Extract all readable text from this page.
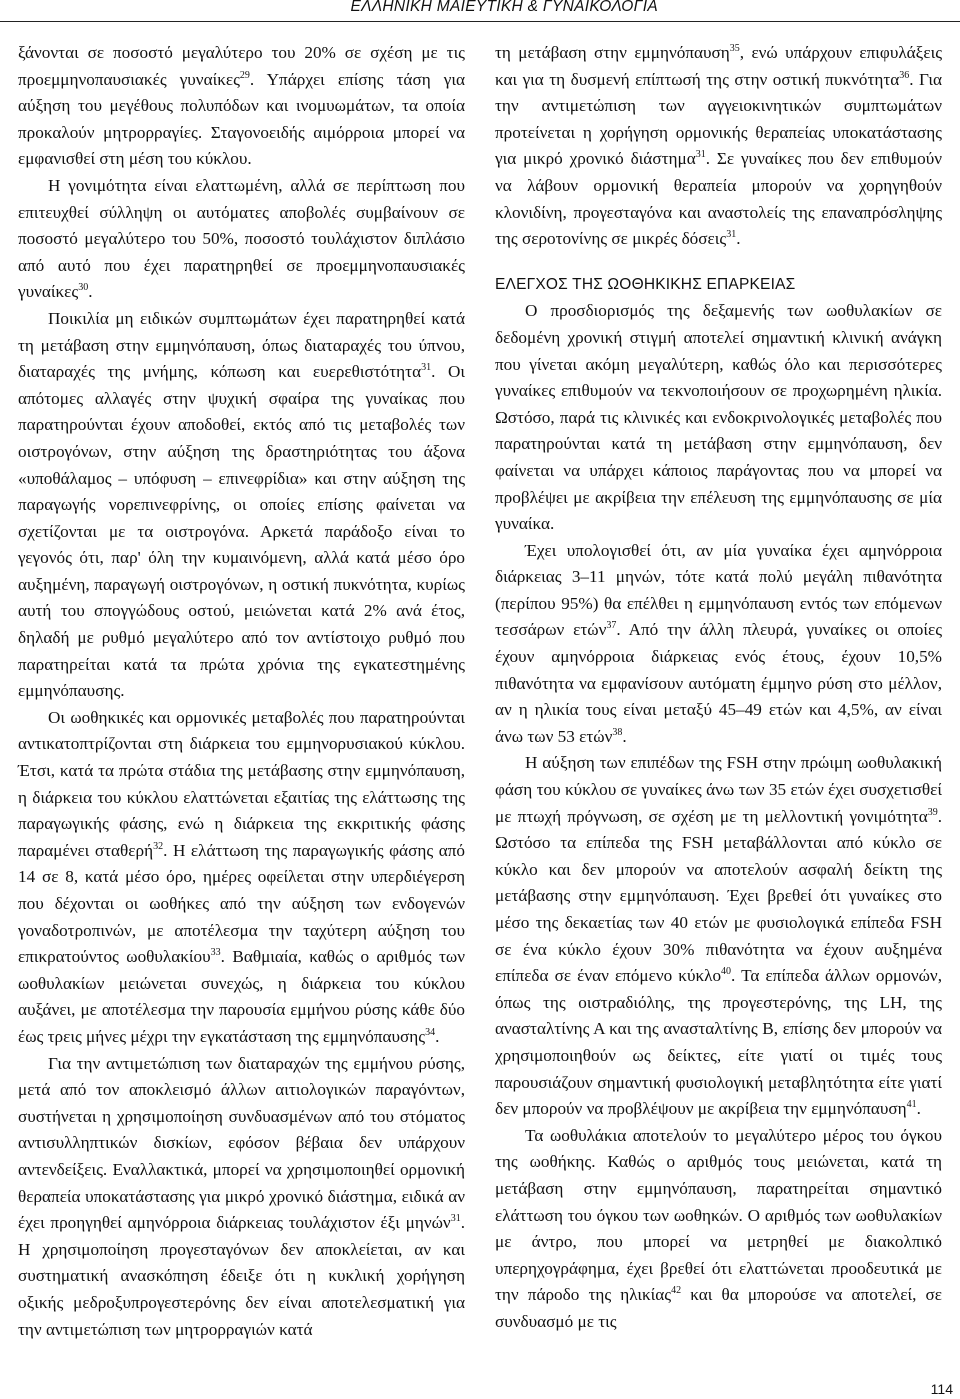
ΕΛΛΗΝΙΚΗ ΜΑΙΕΥΤΙΚΗ & ΓΥΝΑΙΚΟΛΟΓΙΑ

ξάνονται σε ποσοστό μεγαλύτερο του 20% σε σχέση με τις προεμμηνοπαυσιακές γυναίκες$^{29}$. Υπάρχει επίσης τάση για αύξηση του μεγέθους πολυπόδων και ινομυωμάτων, τα οποία προκαλούν μητρορραγίες. Σταγονοειδής αιμόρροια μπορεί να εμφανισθεί στη μέση του κύκλου.

Η γονιμότητα είναι ελαττωμένη, αλλά σε περίπτωση που επιτευχθεί σύλληψη οι αυτόματες αποβολές συμβαίνουν σε ποσοστό μεγαλύτερο του 50%, ποσοστό τουλάχιστον διπλάσιο από αυτό που έχει παρατηρηθεί σε προεμμηνοπαυσιακές γυναίκες$^{30}$.

Ποικιλία μη ειδικών συμπτωμάτων έχει παρατηρηθεί κατά τη μετάβαση στην εμμηνόπαυση, όπως διαταραχές του ύπνου, διαταραχές της μνήμης, κόπωση και ευερεθιστότητα$^{31}$. Οι απότομες αλλαγές στην ψυχική σφαίρα της γυναίκας που παρατηρούνται έχουν αποδοθεί, εκτός από τις μεταβολές των οιστρογόνων, στην αύξηση της δραστηριότητας του άξονα «υποθάλαμος – υπόφυση – επινεφρίδια» και στην αύξηση της παραγωγής νορεπινεφρίνης, οι οποίες επίσης φαίνεται να σχετίζονται με τα οιστρογόνα. Αρκετά παράδοξο είναι το γεγονός ότι, παρ' όλη την κυμαινόμενη, αλλά κατά μέσο όρο αυξημένη, παραγωγή οιστρογόνων, η οστική πυκνότητα, κυρίως αυτή του σπογγώδους οστού, μειώνεται κατά 2% ανά έτος, δηλαδή με ρυθμό μεγαλύτερο από τον αντίστοιχο ρυθμό που παρατηρείται κατά τα πρώτα χρόνια της εγκατεστημένης εμμηνόπαυσης.

Οι ωοθηκικές και ορμονικές μεταβολές που παρατηρούνται αντικατοπτρίζονται στη διάρκεια του εμμηνορυσιακού κύκλου. Έτσι, κατά τα πρώτα στάδια της μετάβασης στην εμμηνόπαυση, η διάρκεια του κύκλου ελαττώνεται εξαιτίας της ελάττωσης της παραγωγικής φάσης, ενώ η διάρκεια της εκκριτικής φάσης παραμένει σταθερή$^{32}$. Η ελάττωση της παραγωγικής φάσης από 14 σε 8, κατά μέσο όρο, ημέρες οφείλεται στην υπερδιέγερση που δέχονται οι ωοθήκες από την αύξηση των ενδογενών γοναδοτροπινών, με αποτέλεσμα την ταχύτερη αύξηση του επικρατούντος ωοθυλακίου$^{33}$. Βαθμιαία, καθώς ο αριθμός των ωοθυλακίων μειώνεται συνεχώς, η διάρκεια του κύκλου αυξάνει, με αποτέλεσμα την παρουσία εμμήνου ρύσης κάθε δύο έως τρεις μήνες μέχρι την εγκατάσταση της εμμηνόπαυσης$^{34}$.

Για την αντιμετώπιση των διαταραχών της εμμήνου ρύσης, μετά από τον αποκλεισμό άλλων αιτιολογικών παραγόντων, συστήνεται η χρησιμοποίηση συνδυασμένων από του στόματος αντισυλληπτικών δισκίων, εφόσον βέβαια δεν υπάρχουν αντενδείξεις. Εναλλακτικά, μπορεί να χρησιμοποιηθεί ορμονική θεραπεία υποκατάστασης για μικρό χρονικό διάστημα, ειδικά αν έχει προηγηθεί αμηνόρροια διάρκειας τουλάχιστον έξι μηνών$^{31}$. Η χρησιμοποίηση προγεσταγόνων δεν αποκλείεται, αν και συστηματική ανασκόπηση έδειξε ότι η κυκλική χορήγηση οξικής μεδροξυπρογεστερόνης δεν είναι αποτελεσματική για την αντιμετώπιση των μητρορραγιών κατά

τη μετάβαση στην εμμηνόπαυση$^{35}$, ενώ υπάρχουν επιφυλάξεις και για τη δυσμενή επίπτωσή της στην οστική πυκνότητα$^{36}$. Για την αντιμετώπιση των αγγειοκινητικών συμπτωμάτων προτείνεται η χορήγηση ορμονικής θεραπείας υποκατάστασης για μικρό χρονικό διάστημα$^{31}$. Σε γυναίκες που δεν επιθυμούν να λάβουν ορμονική θεραπεία μπορούν να χορηγηθούν κλονιδίνη, προγεσταγόνα και αναστολείς της επαναπρόσληψης της σεροτονίνης σε μικρές δόσεις$^{31}$.

ΕΛΕΓΧΟΣ ΤΗΣ ΩΟΘΗΚΙΚΗΣ ΕΠΑΡΚΕΙΑΣ

Ο προσδιορισμός της δεξαμενής των ωοθυλακίων σε δεδομένη χρονική στιγμή αποτελεί σημαντική κλινική ανάγκη που γίνεται ακόμη μεγαλύτερη, καθώς όλο και περισσότερες γυναίκες επιθυμούν να τεκνοποιήσουν σε προχωρημένη ηλικία. Ωστόσο, παρά τις κλινικές και ενδοκρινολογικές μεταβολές που παρατηρούνται κατά τη μετάβαση στην εμμηνόπαυση, δεν φαίνεται να υπάρχει κάποιος παράγοντας που να μπορεί να προβλέψει με ακρίβεια την επέλευση της εμμηνόπαυσης σε μία γυναίκα.

Έχει υπολογισθεί ότι, αν μία γυναίκα έχει αμηνόρροια διάρκειας 3–11 μηνών, τότε κατά πολύ μεγάλη πιθανότητα (περίπου 95%) θα επέλθει η εμμηνόπαυση εντός των επόμενων τεσσάρων ετών$^{37}$. Από την άλλη πλευρά, γυναίκες οι οποίες έχουν αμηνόρροια διάρκειας ενός έτους, έχουν 10,5% πιθανότητα να εμφανίσουν αυτόματη έμμηνο ρύση στο μέλλον, αν η ηλικία τους είναι μεταξύ 45–49 ετών και 4,5%, αν είναι άνω των 53 ετών$^{38}$.

Η αύξηση των επιπέδων της FSH στην πρώιμη ωοθυλακική φάση του κύκλου σε γυναίκες άνω των 35 ετών έχει συσχετισθεί με πτωχή πρόγνωση, σε σχέση με τη μελλοντική γονιμότητα$^{39}$. Ωστόσο τα επίπεδα της FSH μεταβάλλονται από κύκλο σε κύκλο και δεν μπορούν να αποτελούν ασφαλή δείκτη της μετάβασης στην εμμηνόπαυση. Έχει βρεθεί ότι γυναίκες στο μέσο της δεκαετίας των 40 ετών με φυσιολογικά επίπεδα FSH σε ένα κύκλο έχουν 30% πιθανότητα να έχουν αυξημένα επίπεδα σε έναν επόμενο κύκλο$^{40}$. Τα επίπεδα άλλων ορμονών, όπως της οιστραδιόλης, της προγεστερόνης, της LH, της ανασταλτίνης Α και της ανασταλτίνης Β, επίσης δεν μπορούν να χρησιμοποιηθούν ως δείκτες, είτε γιατί οι τιμές τους παρουσιάζουν σημαντική φυσιολογική μεταβλητότητα είτε γιατί δεν μπορούν να προβλέψουν με ακρίβεια την εμμηνόπαυση$^{41}$.

Τα ωοθυλάκια αποτελούν το μεγαλύτερο μέρος του όγκου της ωοθήκης. Καθώς ο αριθμός τους μειώνεται, κατά τη μετάβαση στην εμμηνόπαυση, παρατηρείται σημαντικό ελάττωση του όγκου των ωοθηκών. Ο αριθμός των ωοθυλακίων με άντρο, που μπορεί να μετρηθεί με διακολπικό υπερηχογράφημα, έχει βρεθεί ότι ελαττώνεται προοδευτικά με την πάροδο της ηλικίας$^{42}$ και θα μπορούσε να αποτελεί, σε συνδυασμό με τις

114
